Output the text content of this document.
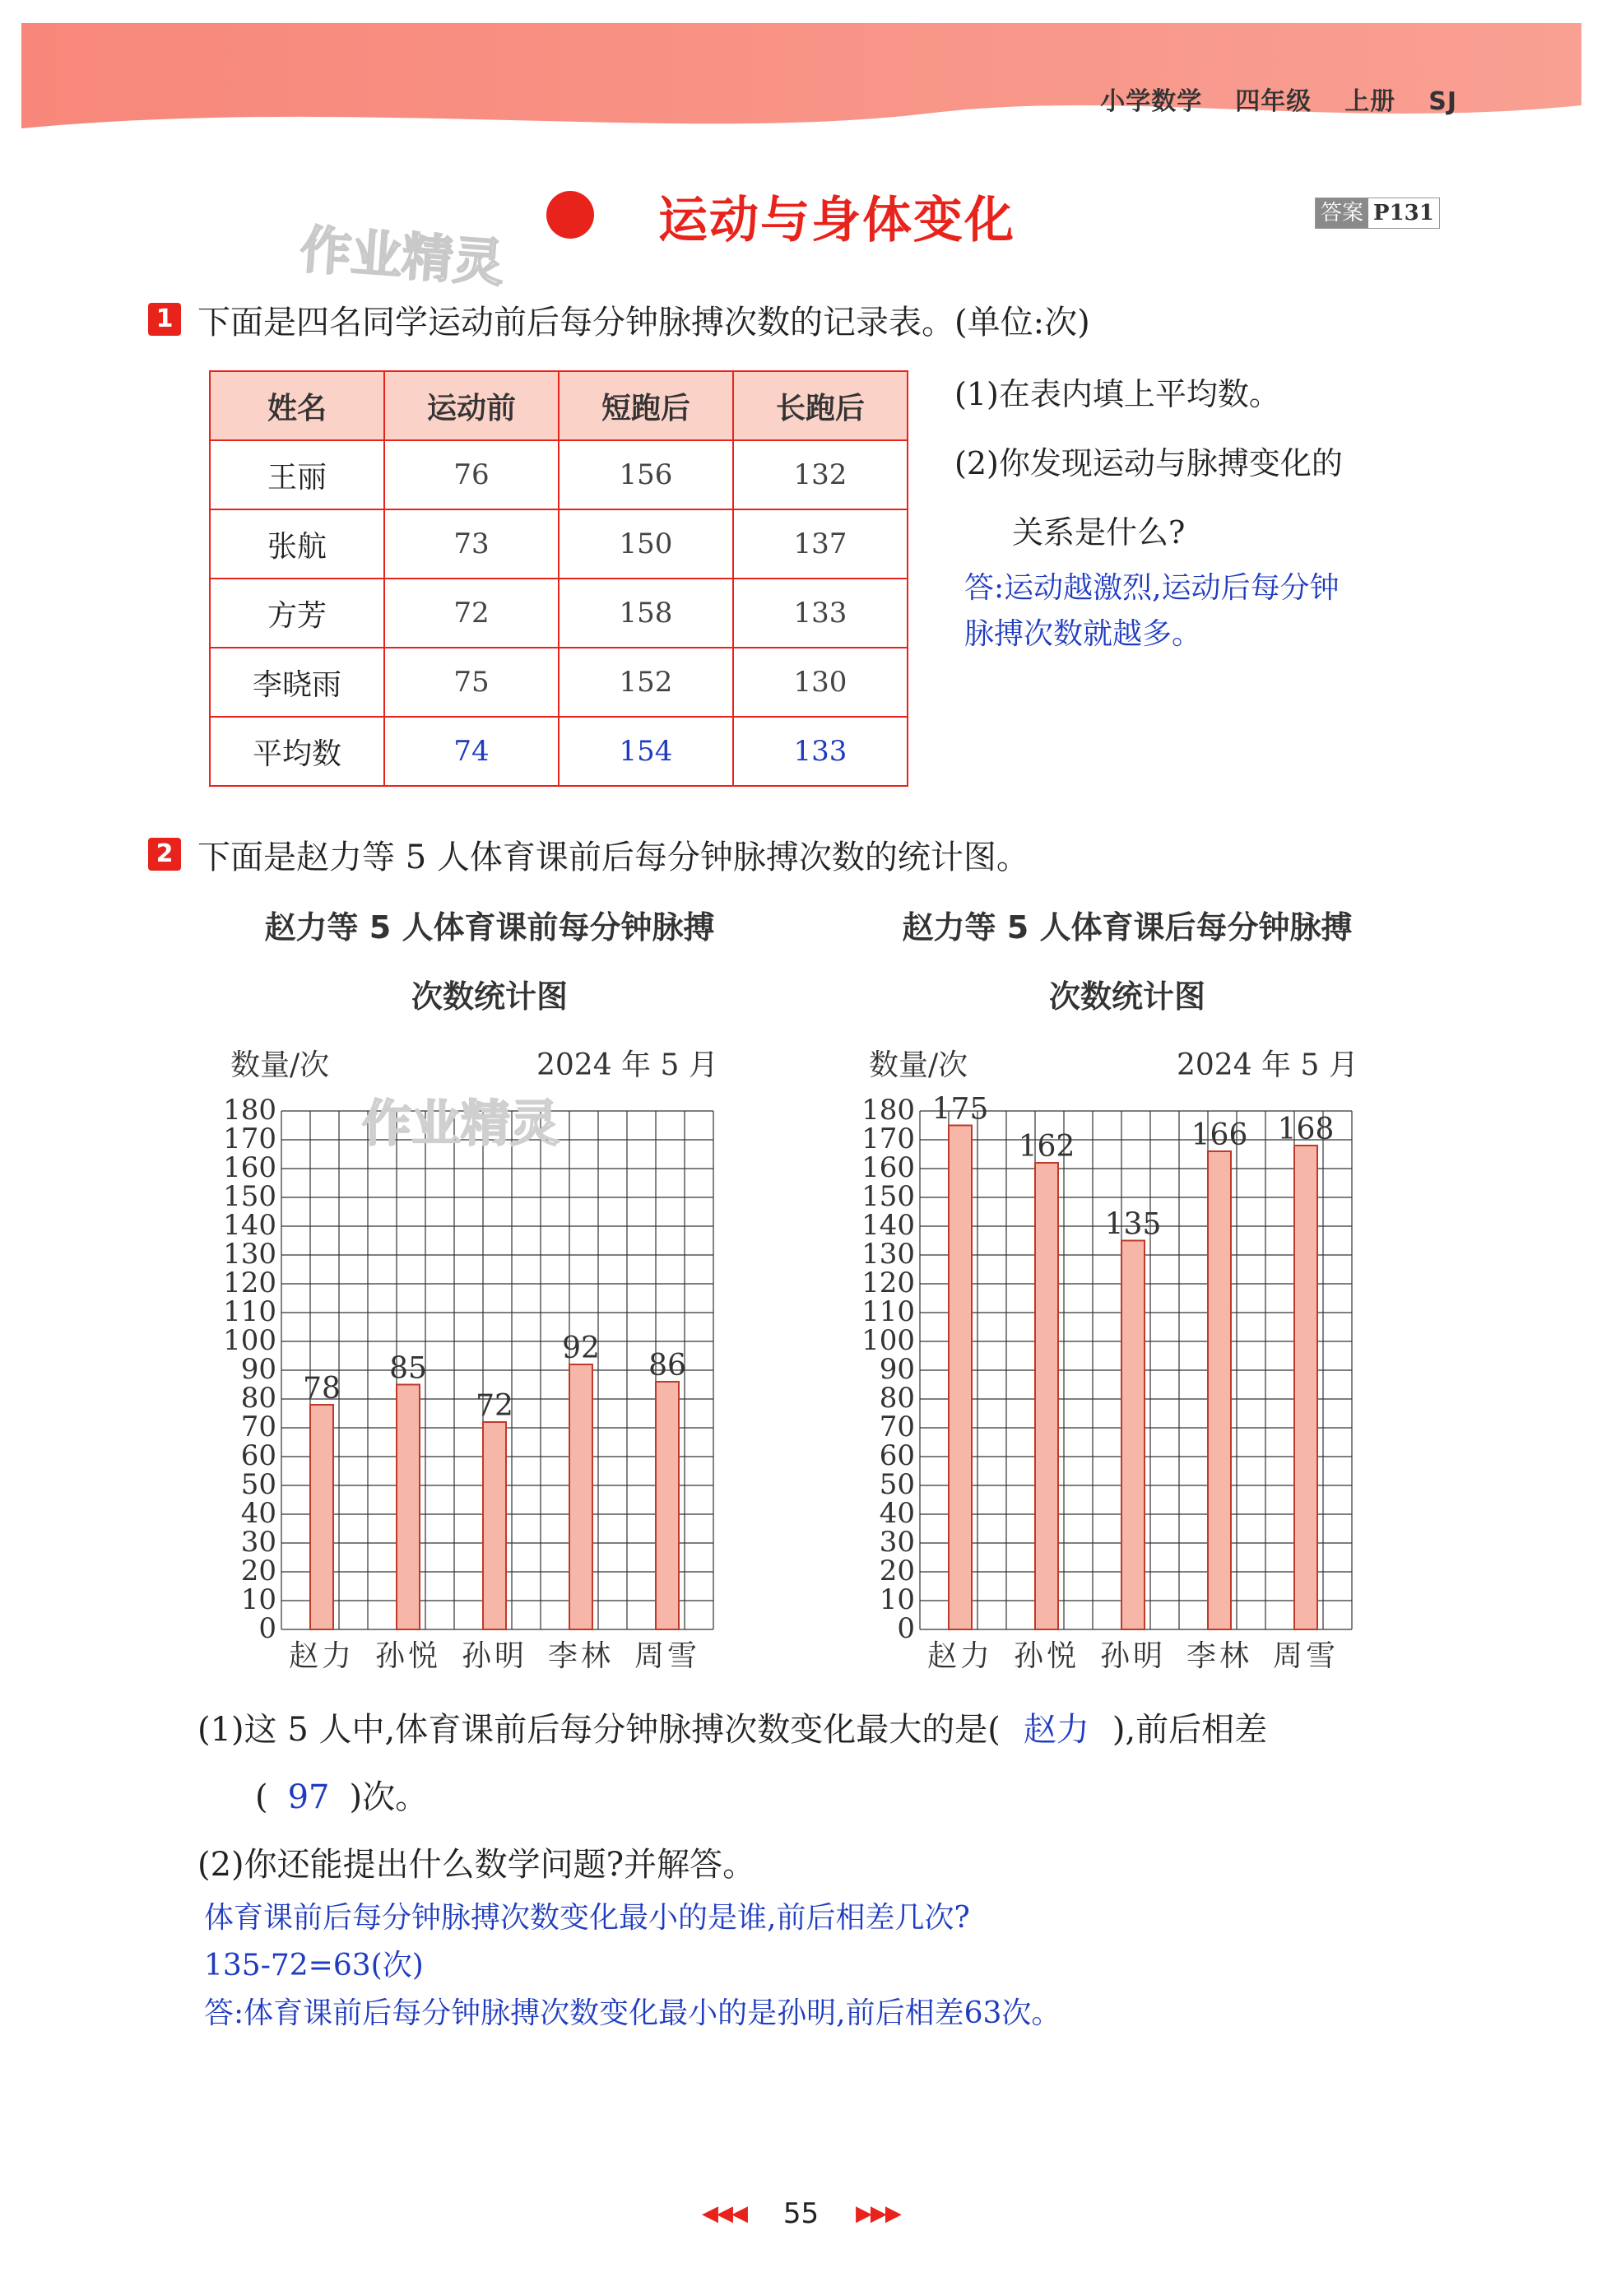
小学数学 四年级 上册 SJ
运动与身体变化	答案 P131
作业精灵
1 下面是四名同学运动前后每分钟脉搏次数的记录表。(单位:次)
姓名	运动前	短跑后	长跑后
王丽	76	156	132
张航	73	150	137
方芳	72	158	133
李晓雨	75	152	130
平均数	74	154	133
(1)在表内填上平均数。
(2)你发现运动与脉搏变化的
关系是什么?
答:运动越激烈,运动后每分钟
脉搏次数就越多。
2 下面是赵力等 5 人体育课前后每分钟脉搏次数的统计图。
赵力等 5 人体育课前每分钟脉搏
次数统计图
数量/次	2024 年 5 月
0
10
20
30
40
50
60
70
80
90
100
110
120
130
140
150
160
170
180
78
赵力
85
孙悦
72
孙明
92
李林
86
周雪
作业精灵
赵力等 5 人体育课后每分钟脉搏
次数统计图
数量/次	2024 年 5 月
0
10
20
30
40
50
60
70
80
90
100
110
120
130
140
150
160
170
180 175
赵力
162
孙悦
135
孙明
166
李林
168
周雪
(1)这 5 人中,体育课前后每分钟脉搏次数变化最大的是( 赵力 ),前后相差
( 97 )次。
(2)你还能提出什么数学问题?并解答。
体育课前后每分钟脉搏次数变化最小的是谁,前后相差几次?
135-72=63(次)
答:体育课前后每分钟脉搏次数变化最小的是孙明,前后相差63次。
◀◀◀ 55 ▶▶▶
